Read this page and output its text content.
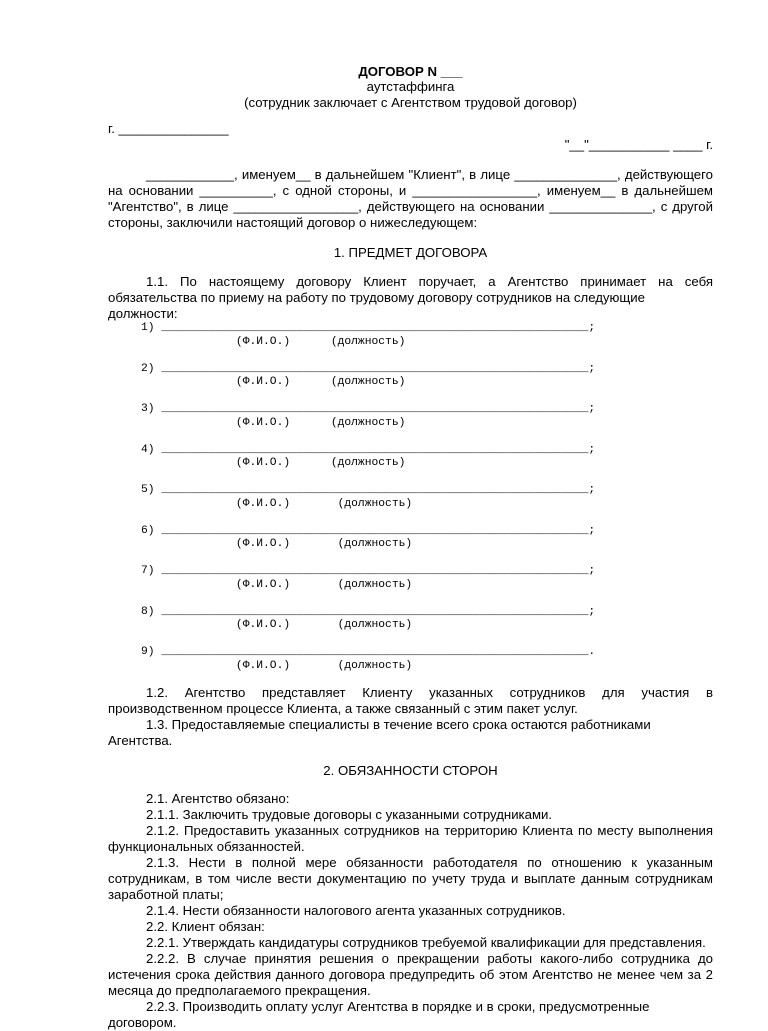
ДОГОВОР N ___
аутстаффинга
(сотрудник заключает с Агентством трудовой договор)
г. _______________
"__"___________ ____ г.
____________, именуем__ в дальнейшем "Клиент", в лице ______________, действующего
на основании __________, с одной стороны, и _________________, именуем__ в дальнейшем
"Агентство", в лице _________________, действующего на основании ______________, с другой
стороны, заключили настоящий договор о нижеследующем:
1. ПРЕДМЕТ ДОГОВОРА
1.1. По настоящему договору Клиент поручает, а Агентство принимает на себя
обязательства по приему на работу по трудовому договору сотрудников на следующие должности:
1) _______________________________________________________________;
(Ф.И.О.)      (должность)
2) _______________________________________________________________;
(Ф.И.О.)      (должность)
3) _______________________________________________________________;
(Ф.И.О.)      (должность)
4) _______________________________________________________________;
(Ф.И.О.)      (должность)
5) _______________________________________________________________;
(Ф.И.О.)       (должность)
6) _______________________________________________________________;
(Ф.И.О.)       (должность)
7) _______________________________________________________________;
(Ф.И.О.)       (должность)
8) _______________________________________________________________;
(Ф.И.О.)       (должность)
9) _______________________________________________________________.
(Ф.И.О.)       (должность)
1.2. Агентство представляет Клиенту указанных сотрудников для участия в
производственном процессе Клиента, а также связанный с этим пакет услуг.
1.3. Предоставляемые специалисты в течение всего срока остаются работниками Агентства.
2. ОБЯЗАННОСТИ СТОРОН
2.1. Агентство обязано:
2.1.1. Заключить трудовые договоры с указанными сотрудниками.
2.1.2. Предоставить указанных сотрудников на территорию Клиента по месту выполнения
функциональных обязанностей.
2.1.3. Нести в полной мере обязанности работодателя по отношению к указанным
сотрудникам, в том числе вести документацию по учету труда и выплате данным сотрудникам
заработной платы;
2.1.4. Нести обязанности налогового агента указанных сотрудников.
2.2. Клиент обязан:
2.2.1. Утверждать кандидатуры сотрудников требуемой квалификации для представления.
2.2.2. В случае принятия решения о прекращении работы какого-либо сотрудника до
истечения срока действия данного договора предупредить об этом Агентство не менее чем за 2
месяца до предполагаемого прекращения.
2.2.3. Производить оплату услуг Агентства в порядке и в сроки, предусмотренные договором.
